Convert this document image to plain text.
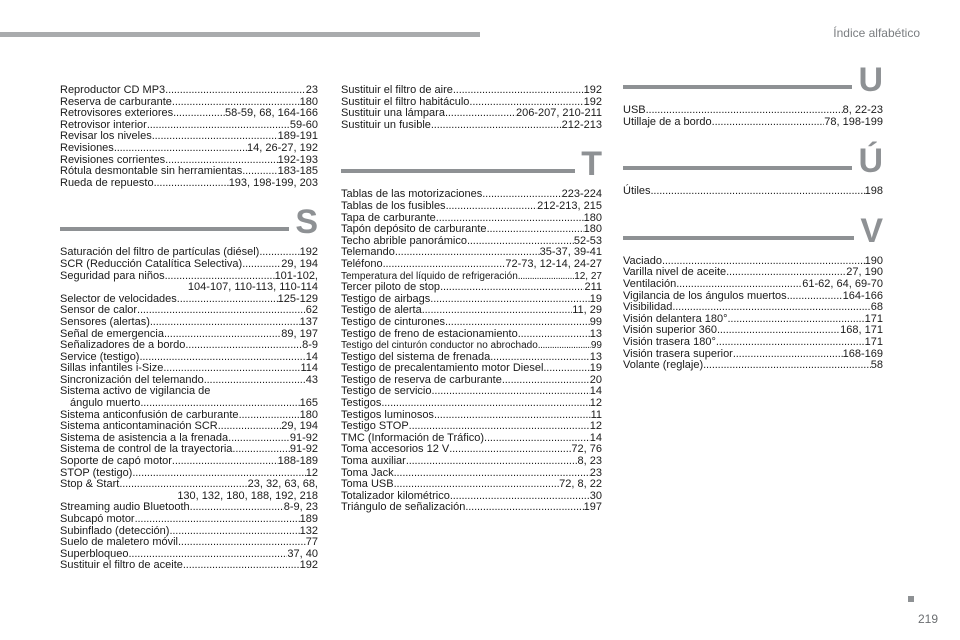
Índice alfabético
Reproductor CD MP3 . . .	23
Reserva de carburante . . .	180
Retrovisores exteriores . . .	58-59, 68, 164-166
Retrovisor interior . . .	59-60
Revisar los niveles . . .	189-191
Revisiones . . .	14, 26-27, 192
Revisiones corrientes . . .	192-193
Rótula desmontable sin herramientas . . .	183-185
Rueda de repuesto . . .	193, 198-199, 203
S
Saturación del filtro de partículas (diésel) . . .	192
SCR (Reducción Catalítica Selectiva) . . .	29, 194
Seguridad para niños . . .	101-102,
104-107, 110-113, 110-114
Selector de velocidades . . .	125-129
Sensor de calor . . .	62
Sensores (alertas) . . .	137
Señal de emergencia . . .	89, 197
Señalizadores de a bordo . . .	8-9
Service (testigo) . . .	14
Sillas infantiles i-Size . . .	114
Sincronización del telemando . . .	43
Sistema activo de vigilancia de
ángulo muerto . . .	165
Sistema anticonfusión de carburante . . .	180
Sistema anticontaminación SCR . . .	29, 194
Sistema de asistencia a la frenada . . .	91-92
Sistema de control de la trayectoria . . .	91-92
Soporte de capó motor . . .	188-189
STOP (testigo) . . .	12
Stop & Start . . .	23, 32, 63, 68,
130, 132, 180, 188, 192, 218
Streaming audio Bluetooth . . .	8-9, 23
Subcapó motor . . .	189
Subinflado (detección) . . .	132
Suelo de maletero móvil . . .	77
Superbloqueo . . .	37, 40
Sustituir el filtro de aceite . . .	192
Sustituir el filtro de aire . . .	192
Sustituir el filtro habitáculo . . .	192
Sustituir una lámpara . . .	206-207, 210-211
Sustituir un fusible . . .	212-213
T
Tablas de las motorizaciones . . .	223-224
Tablas de los fusibles . . .	212-213, 215
Tapa de carburante . . .	180
Tapón depósito de carburante . . .	180
Techo abrible panorámico . . .	52-53
Telemando . . .	35-37, 39-41
Teléfono . . .	72-73, 12-14, 24-27
Temperatura del líquido de refrigeración . . .	12, 27
Tercer piloto de stop . . .	211
Testigo de airbags . . .	19
Testigo de alerta . . .	11, 29
Testigo de cinturones . . .	99
Testigo de freno de estacionamiento . . .	13
Testigo del cinturón conductor no abrochado . . .	99
Testigo del sistema de frenada . . .	13
Testigo de precalentamiento motor Diesel . . .	19
Testigo de reserva de carburante . . .	20
Testigo de servicio . . .	14
Testigos . . .	12
Testigos luminosos . . .	11
Testigo STOP . . .	12
TMC (Información de Tráfico) . . .	14
Toma accesorios 12 V . . .	72, 76
Toma auxiliar . . .	8, 23
Toma Jack . . .	23
Toma USB . . .	72, 8, 22
Totalizador kilométrico . . .	30
Triángulo de señalización . . .	197
U
USB . . .	8, 22-23
Utillaje de a bordo . . .	78, 198-199
Ú
Útiles . . .	198
V
Vaciado . . .	190
Varilla nivel de aceite . . .	27, 190
Ventilación . . .	61-62, 64, 69-70
Vigilancia de los ángulos muertos . . .	164-166
Visibilidad . . .	68
Visión delantera 180° . . .	171
Visión superior 360 . . .	168, 171
Visión trasera 180° . . .	171
Visión trasera superior . . .	168-169
Volante (reglaje) . . .	58
219
